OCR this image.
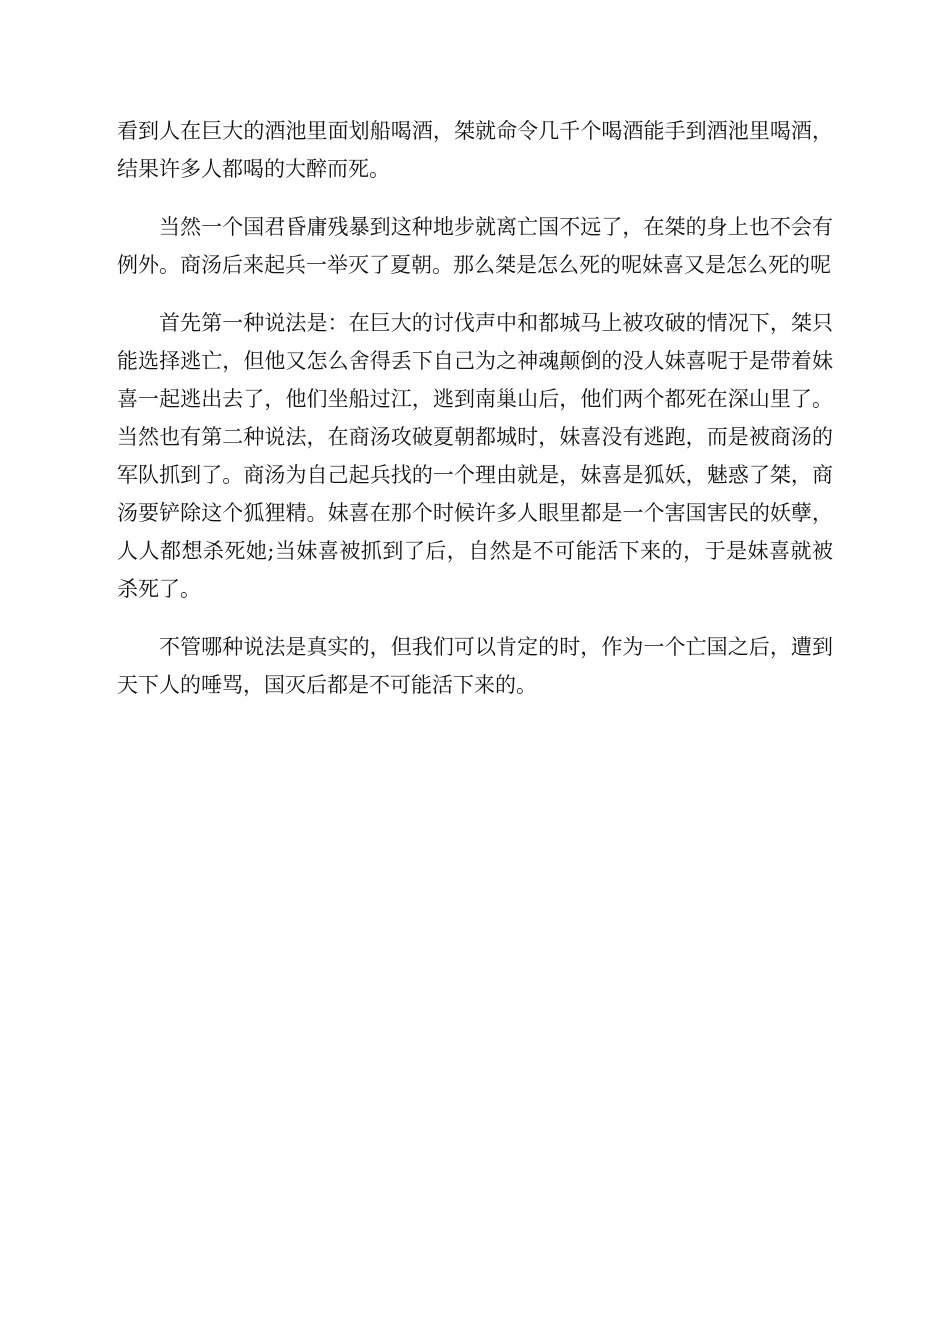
看到人在巨大的酒池里面划船喝酒，桀就命令几千个喝酒能手到酒池里喝酒，结果许多人都喝的大醉而死。

当然一个国君昏庸残暴到这种地步就离亡国不远了，在桀的身上也不会有例外。商汤后来起兵一举灭了夏朝。那么桀是怎么死的呢妹喜又是怎么死的呢

首先第一种说法是：在巨大的讨伐声中和都城马上被攻破的情况下，桀只能选择逃亡，但他又怎么舍得丢下自己为之神魂颠倒的没人妹喜呢于是带着妹喜一起逃出去了，他们坐船过江，逃到南巢山后，他们两个都死在深山里了。当然也有第二种说法，在商汤攻破夏朝都城时，妹喜没有逃跑，而是被商汤的军队抓到了。商汤为自己起兵找的一个理由就是，妹喜是狐妖，魅惑了桀，商汤要铲除这个狐狸精。妹喜在那个时候许多人眼里都是一个害国害民的妖孽，人人都想杀死她;当妹喜被抓到了后，自然是不可能活下来的，于是妹喜就被杀死了。

不管哪种说法是真实的，但我们可以肯定的时，作为一个亡国之后，遭到天下人的唾骂，国灭后都是不可能活下来的。
